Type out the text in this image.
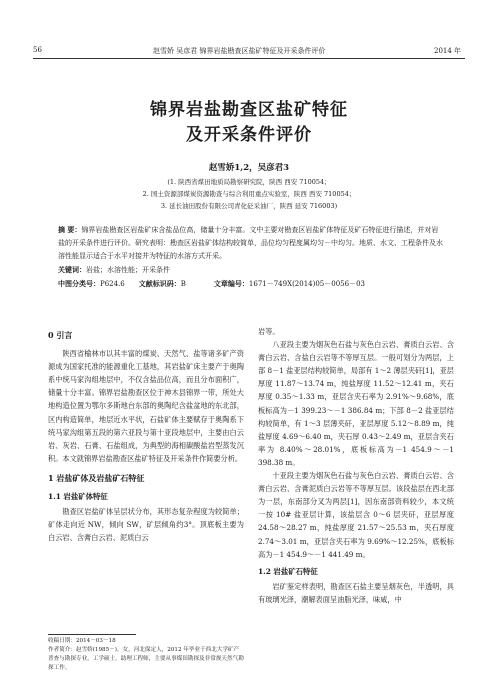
56	赵雪娇 吴彦君 锦界岩盐勘查区盐矿特征及开采条件评价	2014 年
锦界岩盐勘查区盐矿特征
及开采条件评价
赵雪娇1,2，吴彦君3
(1. 陕西省煤田地质局勘察研究院，陕西 西安 710054；
2. 国土资源部煤炭资源勘查与综合利用重点实验室，陕西 西安 710054；
3. 延长油田股份有限公司青化砭采油厂，陕西 延安 716003)

摘 要：锦界岩盐勘查区岩盐矿床含盐品位高，储量十分丰富。文中主要对勘查区岩盐矿体特征及矿石特征进行描述，并对岩盐的开采条件进行评价。研究表明：勘查区岩盐矿体结构较简单，品位均匀程度属均匀－中均匀。地质、水文、工程条件及水溶性能显示适合于水平对接井为特征的水溶方式开采。

关键词：岩盐；水溶性能；开采条件

中图分类号：P624.6 文献标识码：B	文章编号：1671－749X(2014)05－0056－03

0 引言

陕西省榆林市以其丰富的煤炭、天然气、盐等诸多矿产资源成为国家托准的能源重化工基地，其岩盐矿床主要产于奥陶系中统马家沟组地层中，不仅含盐品位高，而且分布面积广，储量十分丰富。锦界岩盐勘查区位于神木县锦界一带，所处大地构造位置为鄂尔多斯地台东部的奥陶纪含盐盆地的东北部，区内构造简单，地层近水平状，石盐矿体主要赋存于奥陶系下统马家沟组第五段的第六亚段与第十亚段地层中，主要由白云岩、灰岩、石膏、石盐组成，为典型的海相碳酸盐岩型蒸发沉积。本文就锦界岩盐勘查区盐矿特征及开采条件作简要分析。

1 岩盐矿体及岩盐矿石特征
1.1 岩盐矿体特征

勘查区岩盐矿体呈层状分布，其形态复杂程度为较简单；矿体走向近 NW，倾向 SW，矿层倾角约3°。顶底板主要为白云岩、含膏白云岩、泥质白云

收稿日期：2014－03－18

作者简介：赵雪娇(1985－)，女，河北保定人，2012 年毕业于西北大学矿产普查与勘探专业，工学硕士，助理工程师，主要从事煤田勘探及非常规天然气勘探工作。

岩等。

八亚段主要为烟灰色石盐与灰色白云岩、膏质白云岩、含膏白云岩、含盐白云岩等不等厚互层。一般可划分为两层，上部 8－1 盐亚层结构较简单，局部有 1～2 薄层夹矸[1]，亚层厚度 11.87～13.74 m，纯盐厚度 11.52～12.41 m，夹石厚度 0.35～1.33 m，亚层含夹石率为 2.91%～9.68%，底板标高为－1 399.23～－1 386.84 m；下部 8－2 盐亚层结构较简单，有 1～3 层薄夹矸，亚层厚度 5.12～8.89 m，纯盐厚度 4.69～6.40 m，夹石厚 0.43～2.49 m，亚层含夹石率为 8.40%～28.01%，底板标高为－1 454.9～－1 398.38 m。

十亚段主要为烟灰色石盐与灰色白云岩、膏质白云岩、含膏白云岩、含膏泥质白云岩等不等厚互层。该段盐层在西北部为一层，东南部分叉为两层[1]，因东南部资料较少，本文统一按 10# 盐亚层计算，该盐层含 0～6 层夹矸，亚层厚度 24.58～28.27 m，纯盐厚度 21.57～25.53 m，夹石厚度 2.74～3.01 m，亚层含夹石率为 9.69%～12.25%，底板标高为－1 454.9～－1 441.49 m。

1.2 岩盐矿石特征

岩矿鉴定样表明，勘查区石盐主要呈烟灰色，半透明，具有玻璃光泽，潮解表面呈油脂光泽，味咸，中
